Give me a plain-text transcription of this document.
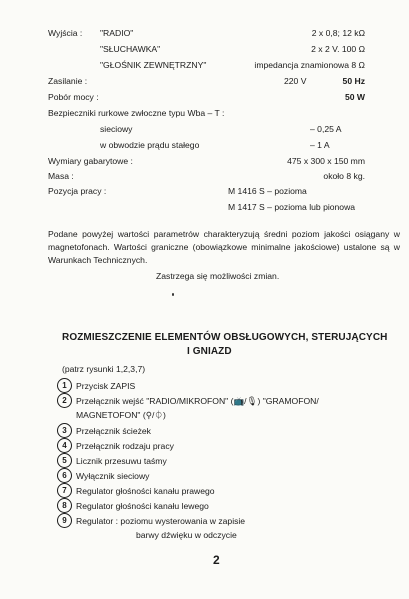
Wyjścia : "RADIO"	2 x 0,8; 12 kΩ
"SŁUCHAWKA"	2 x 2 V. 100 Ω
"GŁOŚNIK ZEWNĘTRZNY"	impedancja znamionowa 8 Ω
Zasilanie :	220 V	50 Hz
Pobór mocy :	50 W
Bezpieczniki rurkowe zwłoczne typu Wba – T :
sieciowy	– 0,25 A
w obwodzie prądu stałego	– 1 A
Wymiary gabarytowe :	475 x 300 x 150 mm
Masa :	około 8 kg.
Pozycja pracy :	M 1416 S – pozioma
M 1417 S – pozioma lub pionowa
Podane powyżej wartości parametrów charakteryzują średni poziom jakości osiągany w magnetofonach. Wartości graniczne (obowiązkowe minimalne jakościowe) ustalone są w Warunkach Technicznych.
Zastrzega się możliwości zmian.
ROZMIESZCZENIE ELEMENTÓW OBSŁUGOWYCH, STERUJĄCYCH
I GNIAZD
(patrz rysunki 1,2,3,7)
1	Przycisk ZAPIS
2	Przełącznik wejść "RADIO/MIKROFON" (📺/🎙) "GRAMOFON/
MAGNETOFON" (⚲/⏀)
3	Przełącznik ścieżek
4	Przełącznik rodzaju pracy
5	Licznik przesuwu taśmy
6	Wyłącznik sieciowy
7	Regulator głośności kanału prawego
8	Regulator głośności kanału lewego
9	Regulator : poziomu wysterowania w zapisie
barwy dźwięku w odczycie
2
